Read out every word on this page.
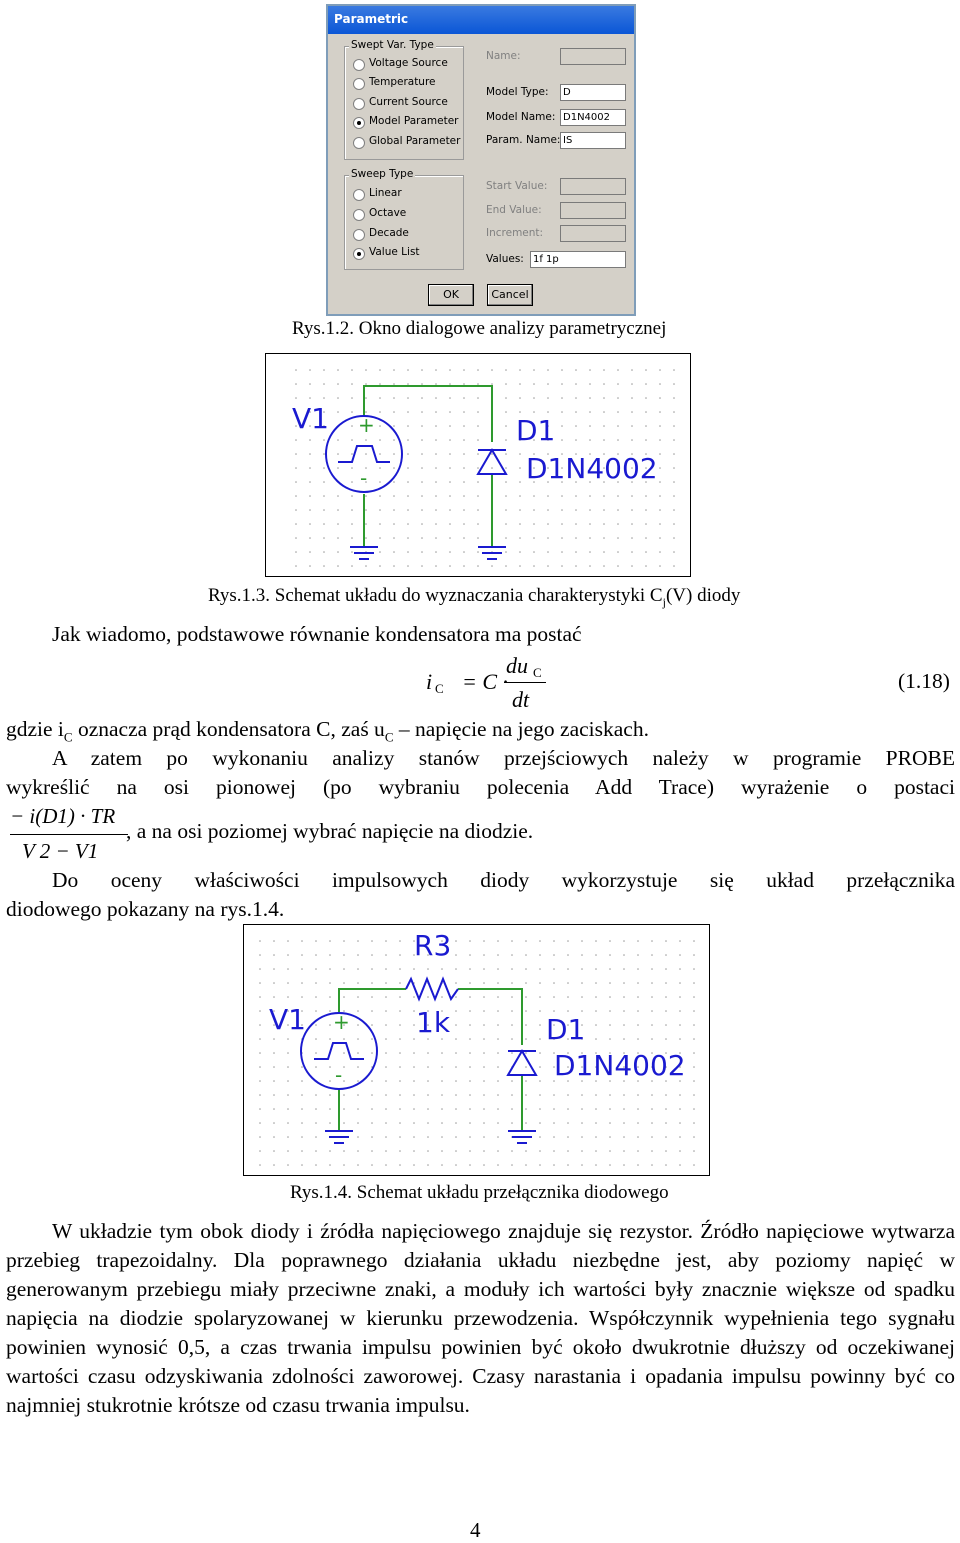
Parametric
Swept Var. Type
Voltage Source
Temperature
Current Source
Model Parameter
Global Parameter
Sweep Type
Linear
Octave
Decade
Value List
Name:
Model Type:	D
Model Name: D1N4002
Param. Name: IS
Start Value:
End Value:
Increment:
Values: 1f 1p
OK	Cancel
Rys.1.2. Okno dialogowe analizy parametrycznej
+
-
V1	D1
D1N4002
Rys.1.3. Schemat układu do wyznaczania charakterystyki $C_j(V)$ diody
Jak wiadomo, podstawowe równanie kondensatora ma postać
i C = C ·
du C
dt
(1.18)
gdzie $i_C$ oznacza prąd kondensatora C, zaś $u_C$ – napięcie na jego zaciskach.
A zatem po wykonaniu analizy stanów przejściowych należy w programie PROBE
wykreślić na osi pionowej (po wybraniu polecenia Add Trace) wyrażenie o postaci
− i(D1) · TR
V 2 − V1
, a na osi poziomej wybrać napięcie na diodzie.
Do oceny właściwości impulsowych diody wykorzystuje się układ przełącznika
diodowego pokazany na rys.1.4.
+
-
R3
V1	1k	D1
D1N4002
Rys.1.4. Schemat układu przełącznika diodowego
W układzie tym obok diody i źródła napięciowego znajduje się rezystor. Źródło napięciowe wytwarza przebieg trapezoidalny. Dla poprawnego działania układu niezbędne jest, aby poziomy napięć w generowanym przebiegu miały przeciwne znaki, a moduły ich wartości były znacznie większe od spadku napięcia na diodzie spolaryzowanej w kierunku przewodzenia. Współczynnik wypełnienia tego sygnału powinien wynosić 0,5, a czas trwania impulsu powinien być około dwukrotnie dłuższy od oczekiwanej wartości czasu odzyskiwania zdolności zaworowej. Czasy narastania i opadania impulsu powinny być co najmniej stukrotnie krótsze od czasu trwania impulsu.
4
